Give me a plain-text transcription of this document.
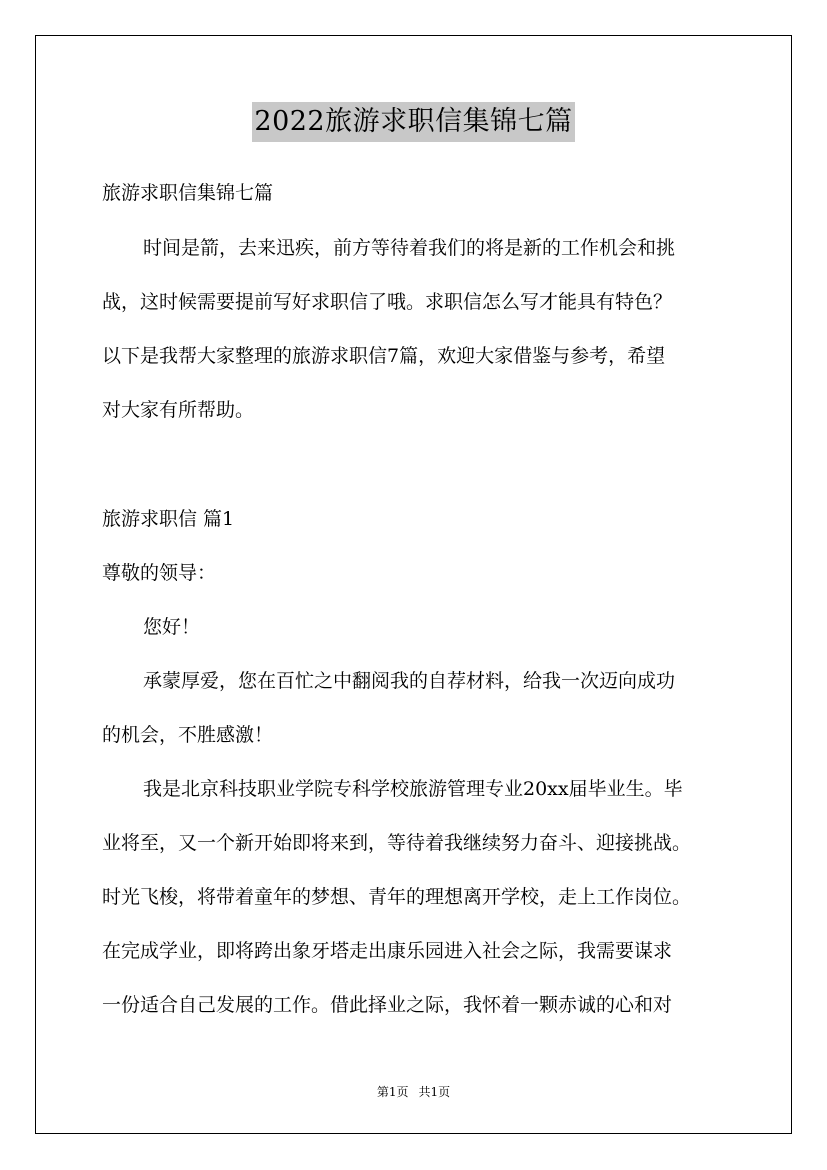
2022旅游求职信集锦七篇
旅游求职信集锦七篇
时间是箭，去来迅疾，前方等待着我们的将是新的工作机会和挑
战，这时候需要提前写好求职信了哦。求职信怎么写才能具有特色？
以下是我帮大家整理的旅游求职信7篇，欢迎大家借鉴与参考，希望
对大家有所帮助。
旅游求职信 篇1
尊敬的领导：
您好！
承蒙厚爱，您在百忙之中翻阅我的自荐材料，给我一次迈向成功
的机会，不胜感激！
我是北京科技职业学院专科学校旅游管理专业20xx届毕业生。毕
业将至，又一个新开始即将来到，等待着我继续努力奋斗、迎接挑战。
时光飞梭，将带着童年的梦想、青年的理想离开学校，走上工作岗位。
在完成学业，即将跨出象牙塔走出康乐园进入社会之际，我需要谋求
一份适合自己发展的工作。借此择业之际，我怀着一颗赤诚的心和对
第1页 共1页
